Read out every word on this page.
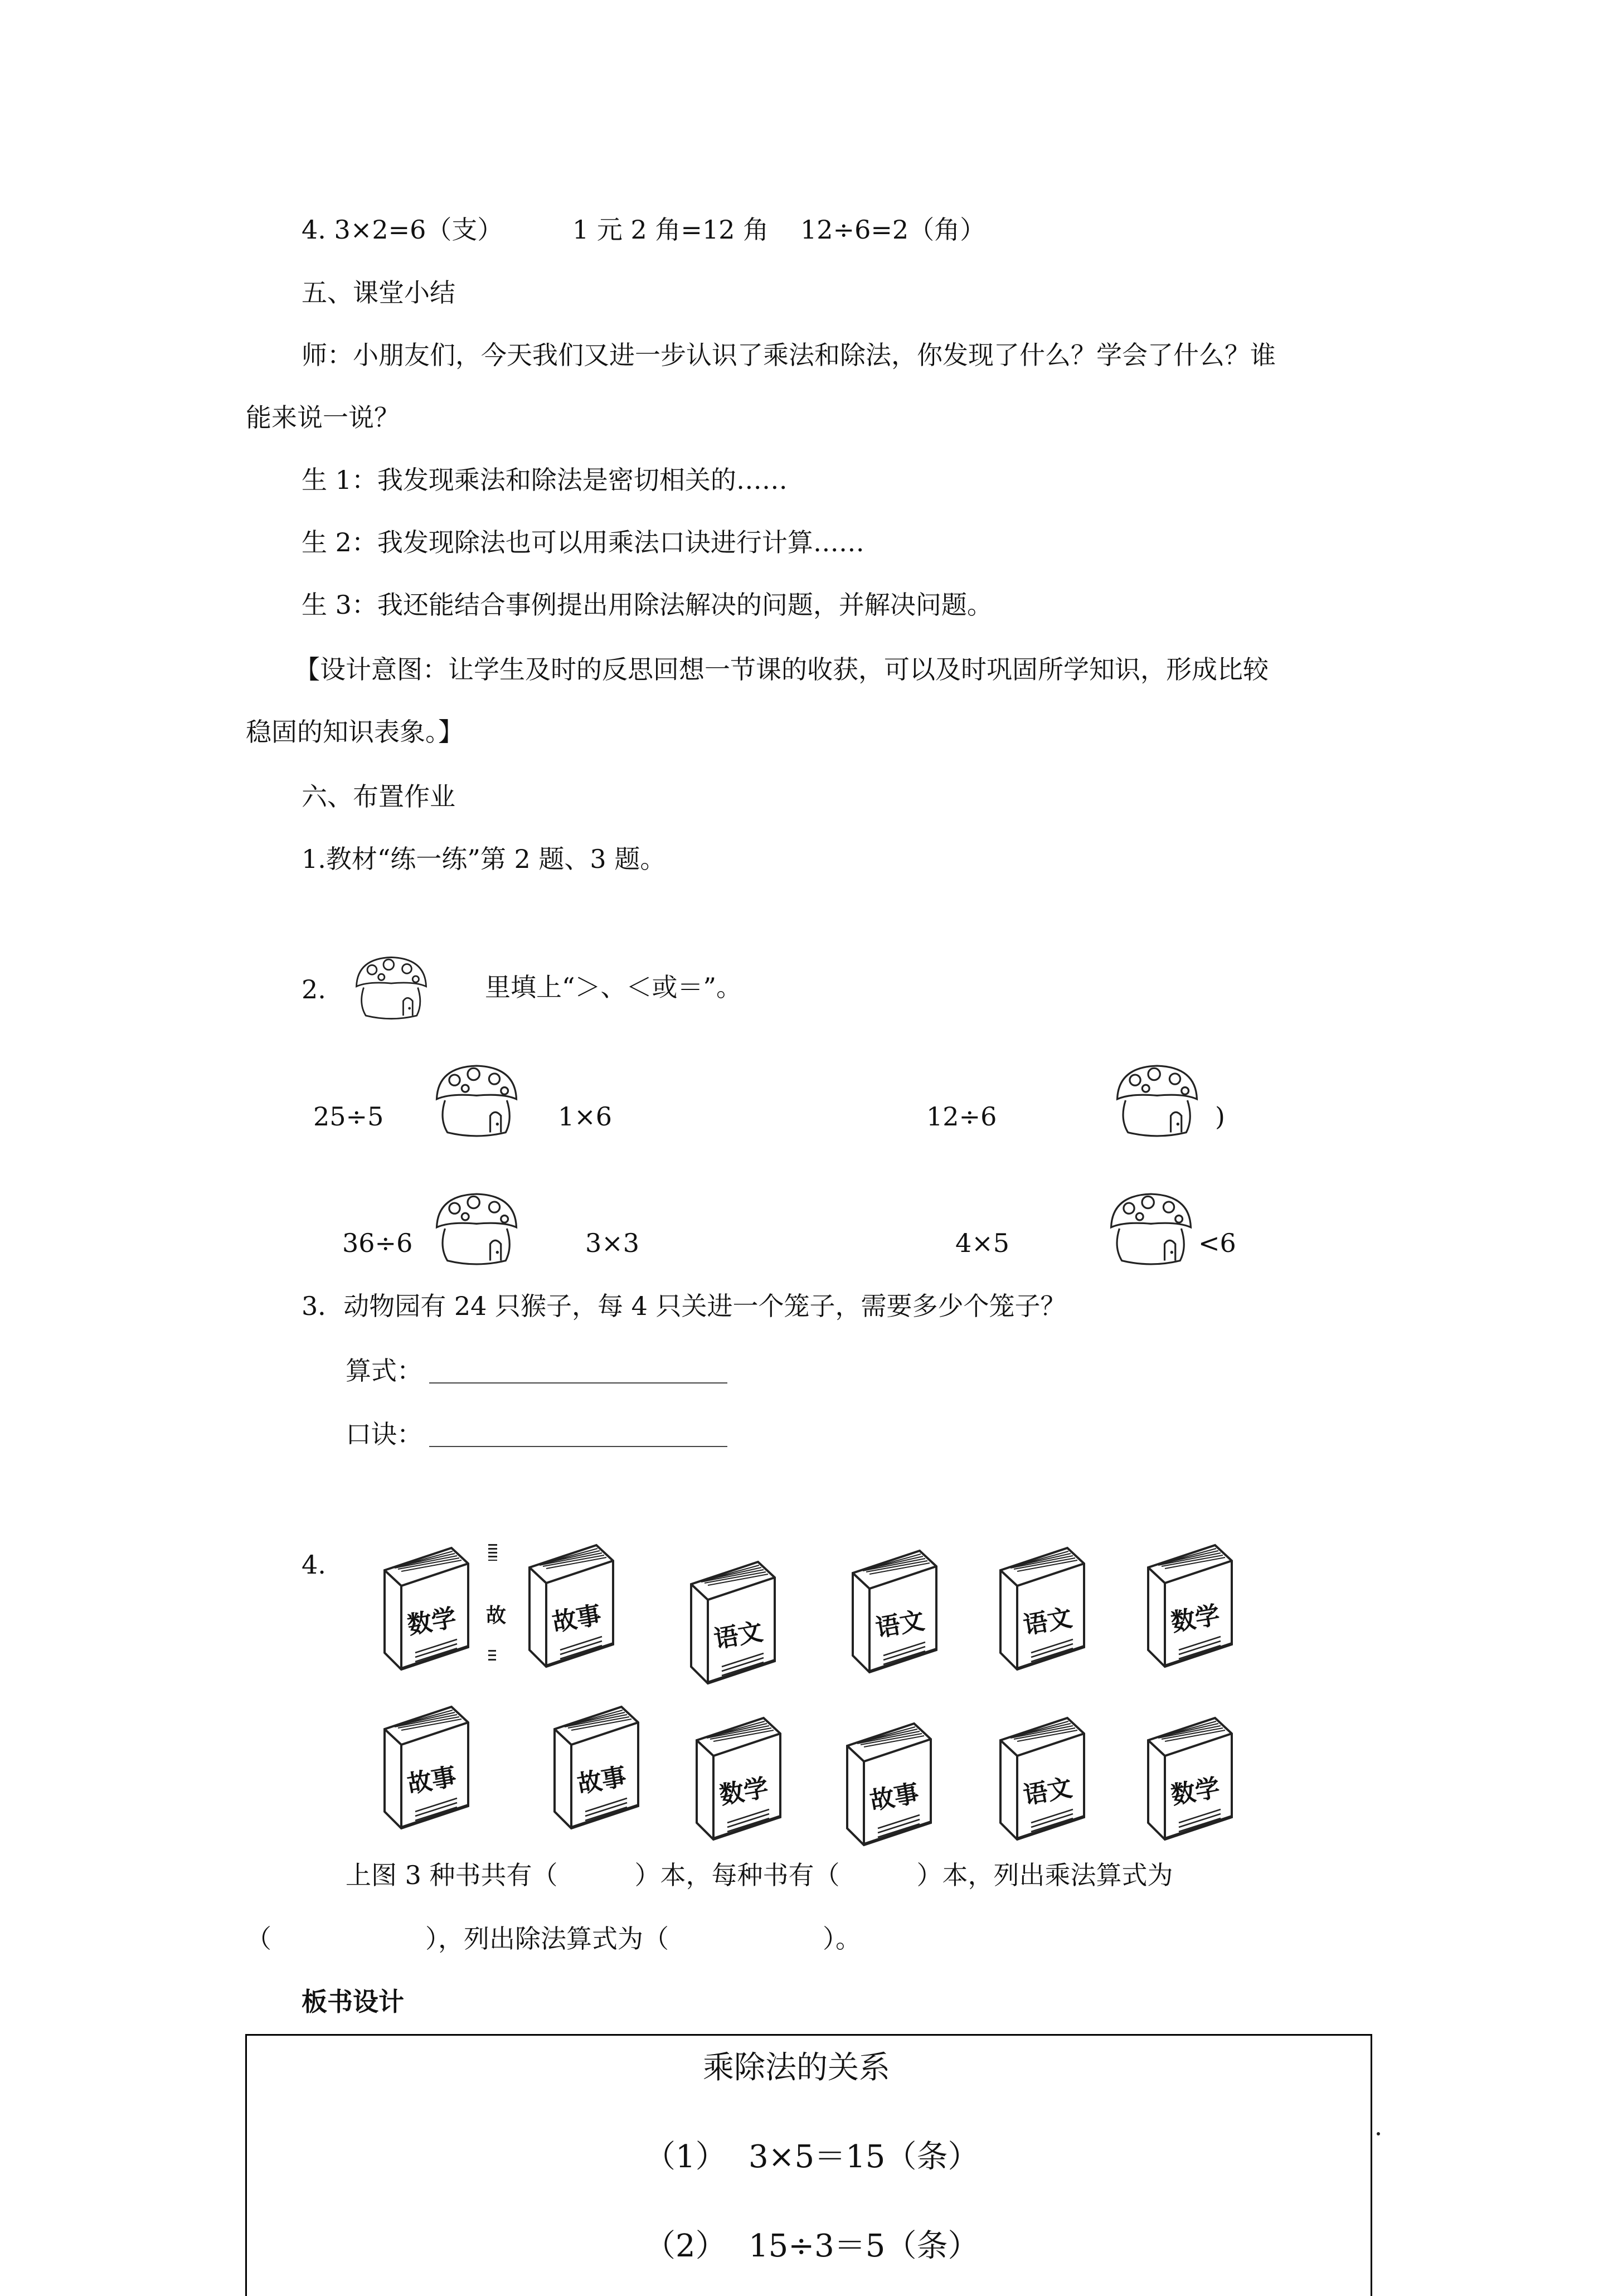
4. 3×2=6（支）	1 元 2 角=12 角 12÷6=2（角）
五、课堂小结
师：小朋友们，今天我们又进一步认识了乘法和除法，你发现了什么？学会了什么？谁
能来说一说？
生 1：我发现乘法和除法是密切相关的……
生 2：我发现除法也可以用乘法口诀进行计算……
生 3：我还能结合事例提出用除法解决的问题，并解决问题。
【设计意图：让学生及时的反思回想一节课的收获，可以及时巩固所学知识，形成比较
稳固的知识表象。】
六、布置作业
1.教材“练一练”第 2 题、3 题。
2.	里填上“＞、＜或＝”。
25÷5	1×6	12÷6	)
36÷6	3×3	4×5	<6
3．动物园有 24 只猴子，每 4 只关进一个笼子，需要多少个笼子？
算式：
口诀：
4.
故
数学	故事	语文	语文	语文	数学
故事	故事	数学	故事	语文	数学
上图 3 种书共有（　　　）本，每种书有（　　　）本，列出乘法算式为
（　　　　　　），列出除法算式为（　　　　　　）。
板书设计
乘除法的关系
（1） 3×5＝15（条）
（2） 15÷3＝5（条）
